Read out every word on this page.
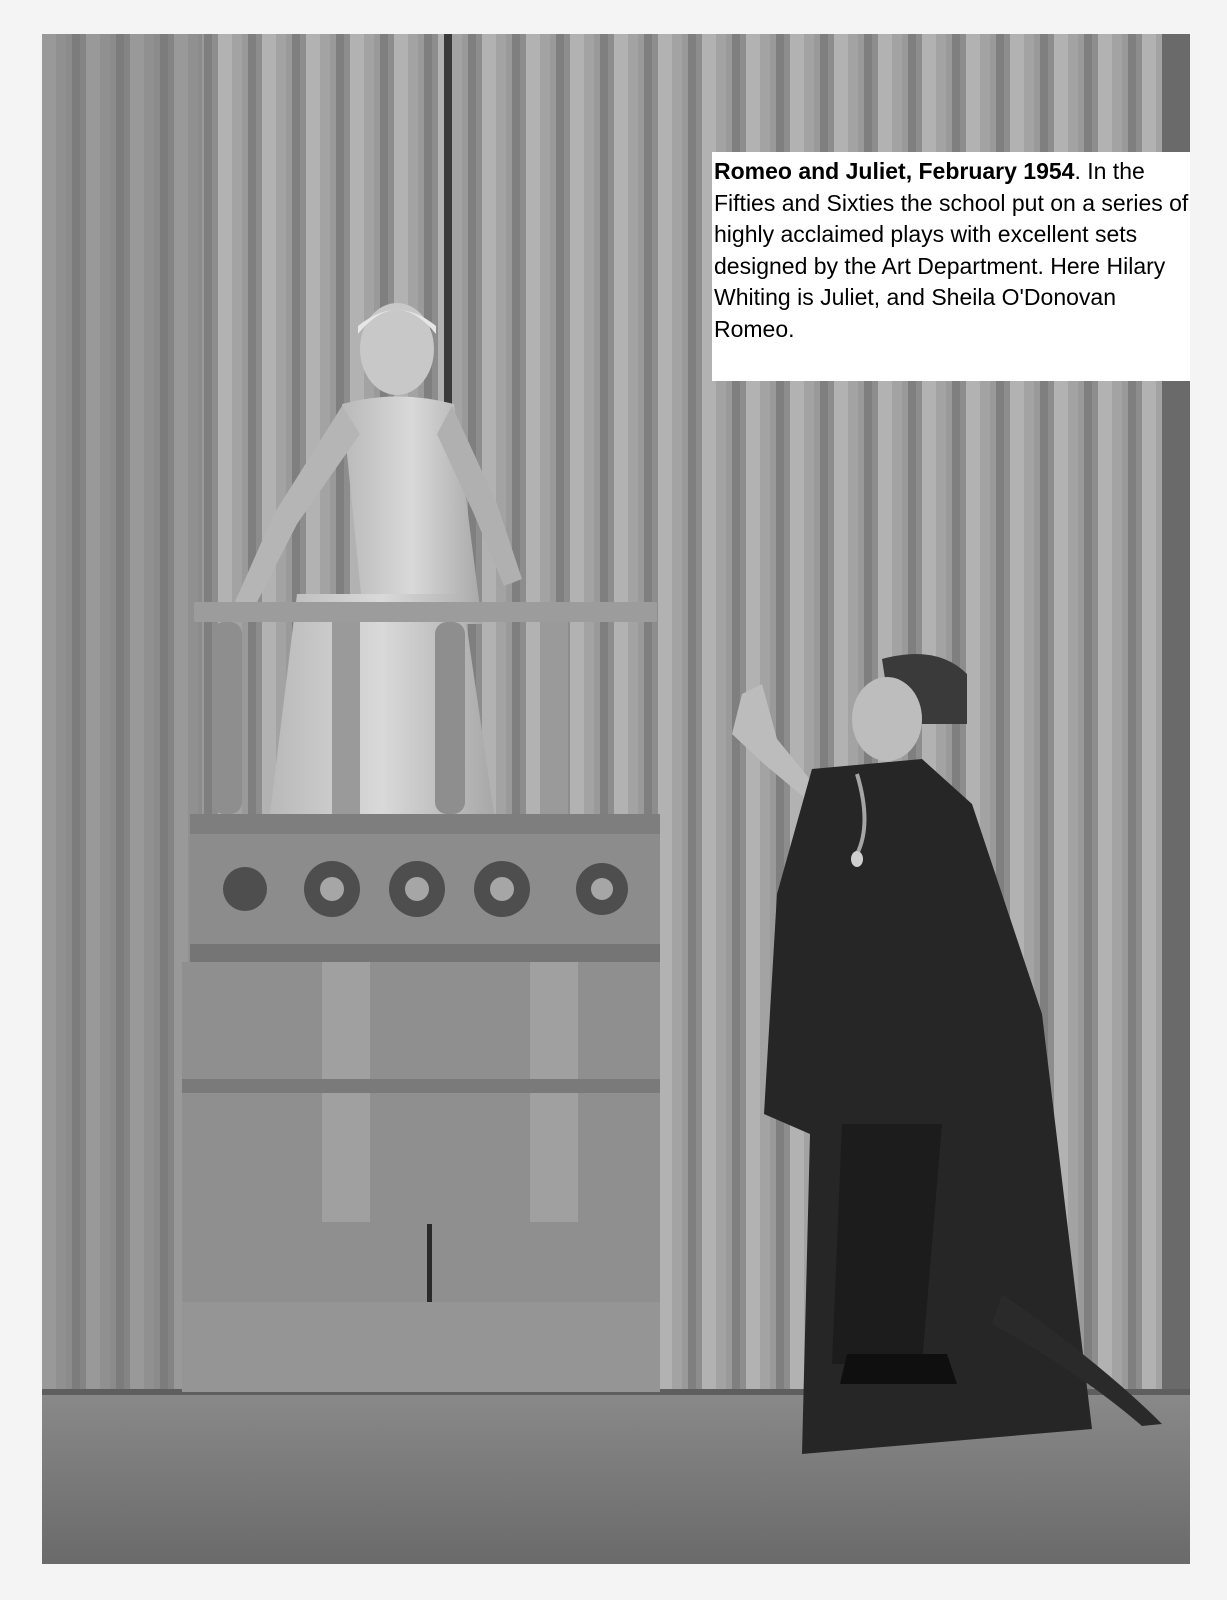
Romeo and Juliet, February 1954. In the Fifties and Sixties the school put on a series of highly acclaimed plays with excellent sets designed by the Art Department. Here Hilary Whiting is Juliet, and Sheila O'Donovan Romeo.
